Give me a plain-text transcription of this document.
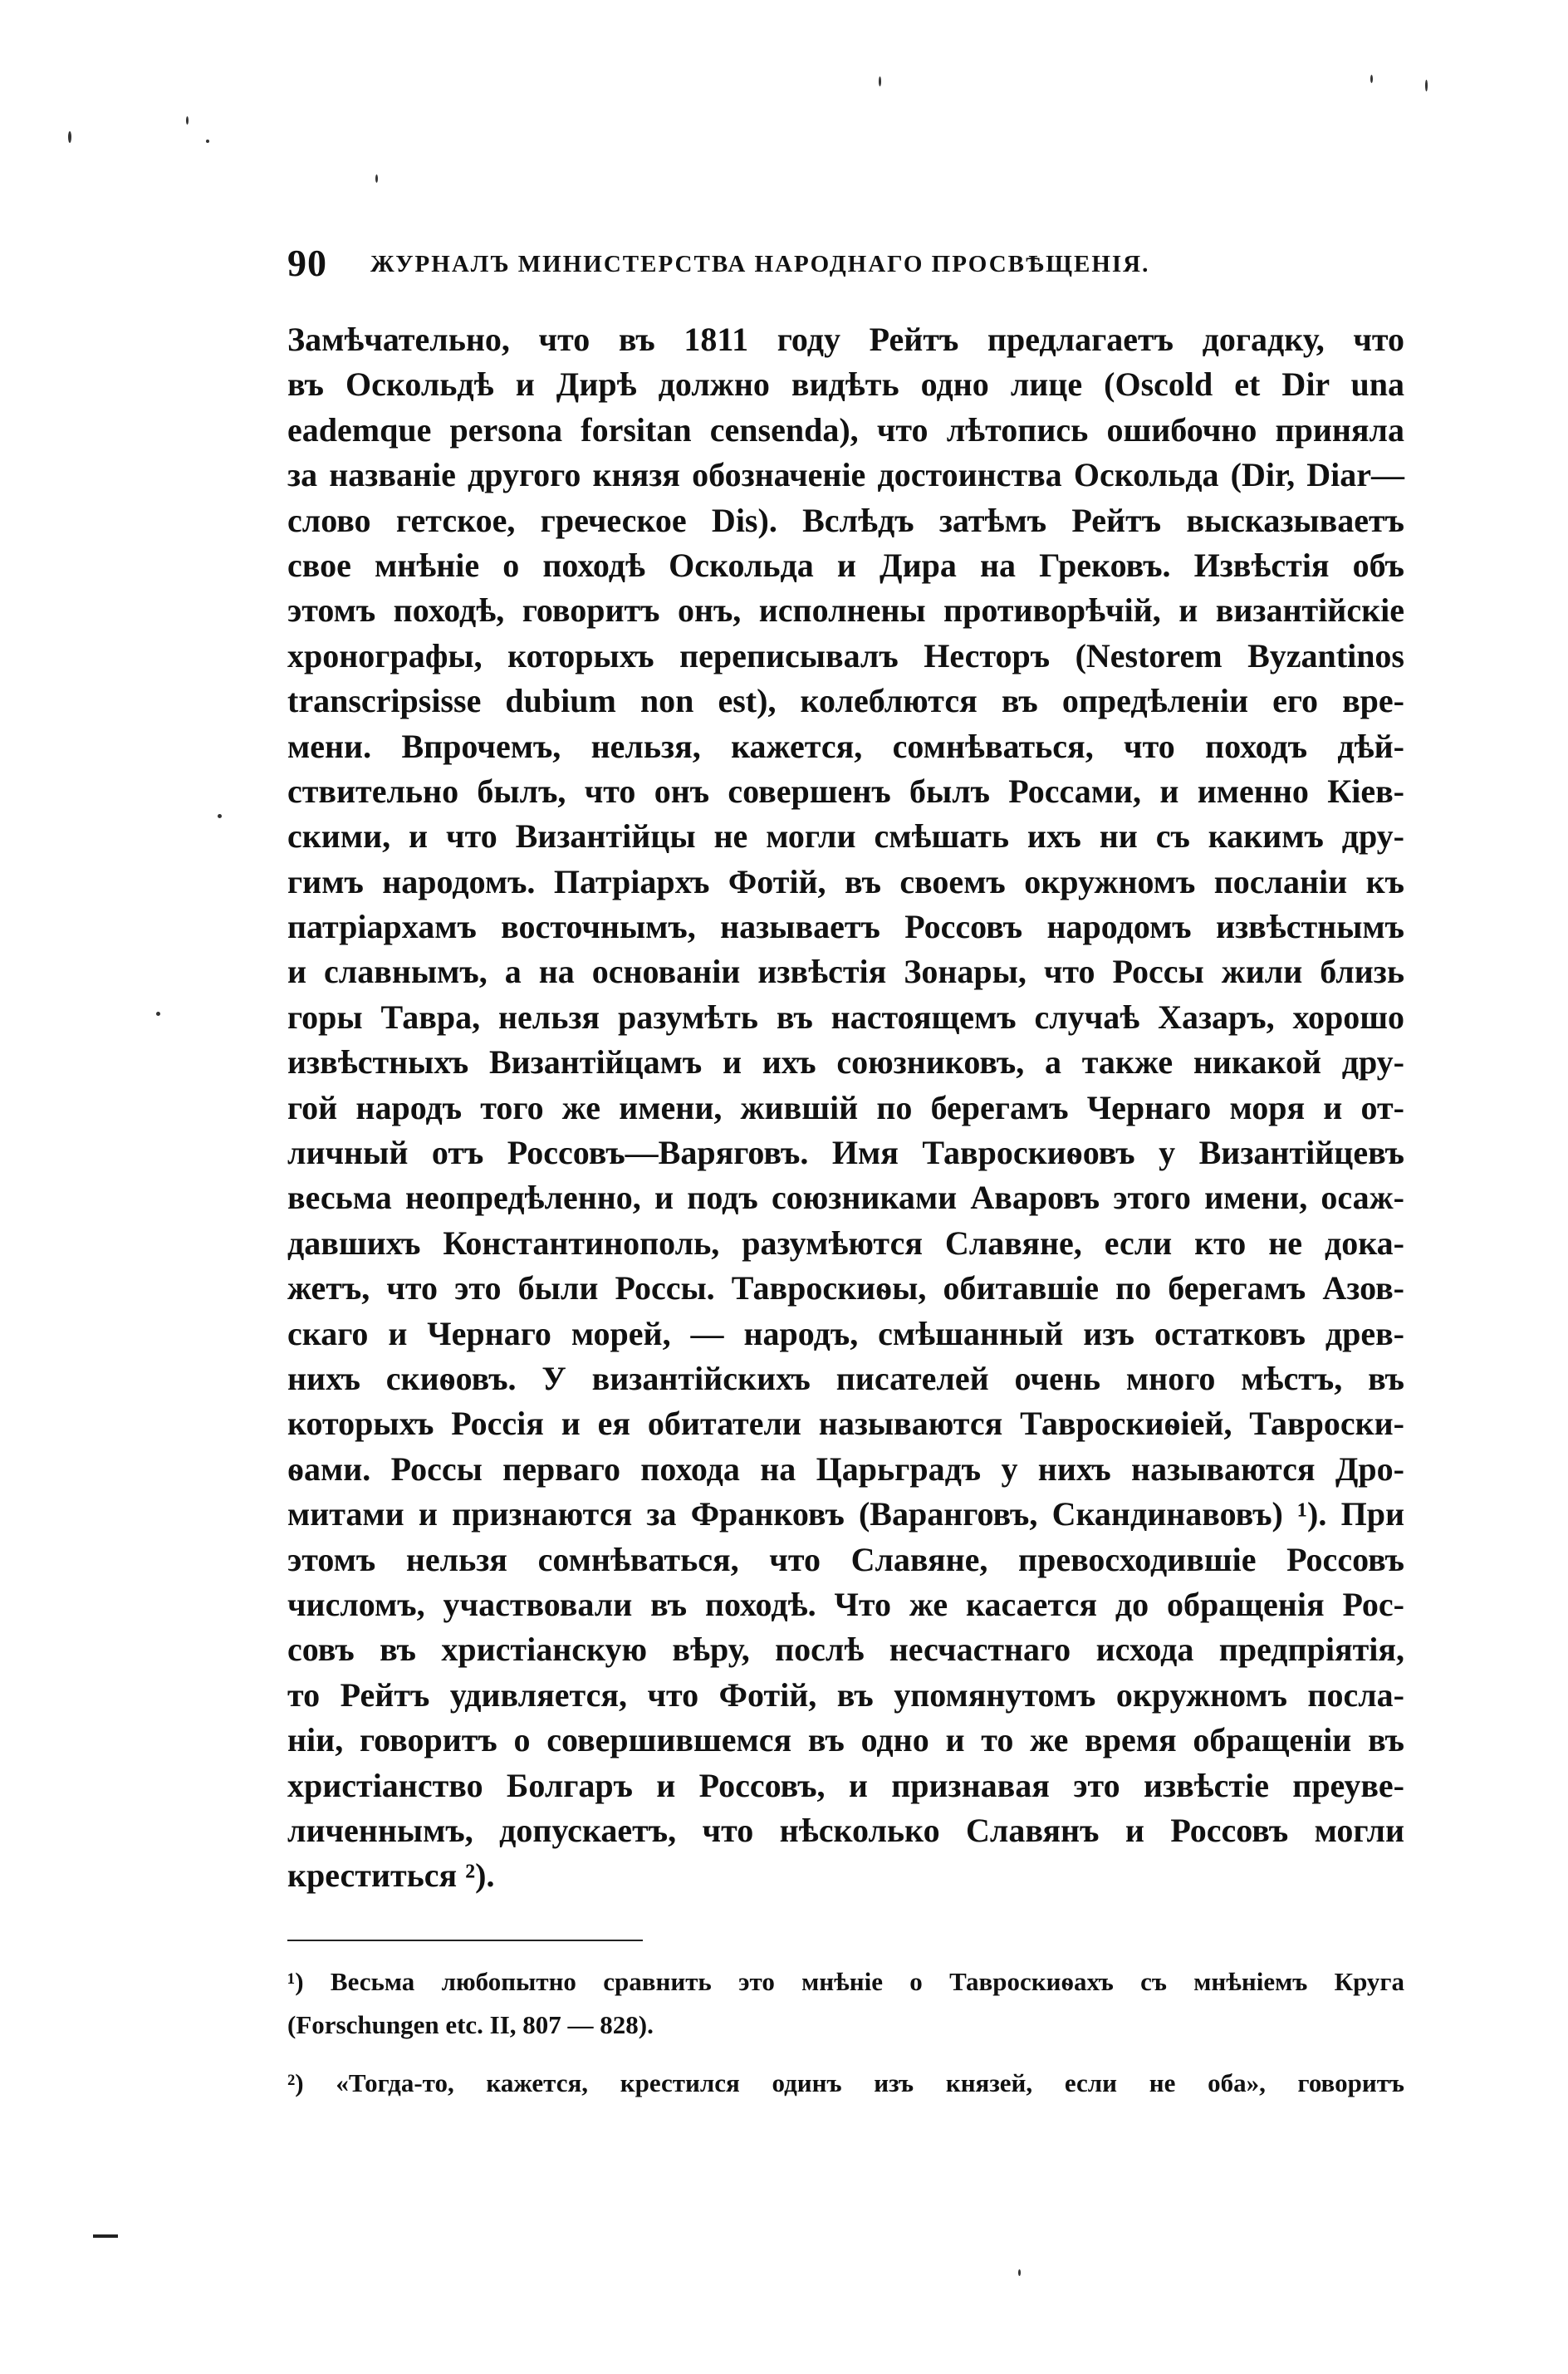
90 ЖУРНАЛЪ МИНИСТЕРСТВА НАРОДНАГО ПРОСВѢЩЕНІЯ.
Замѣчательно, что въ 1811 году Рейтъ предлагаетъ догадку, что
въ Оскольдѣ и Дирѣ должно видѣть одно лице (Oscold et Dir una
eademque persona forsitan censenda), что лѣтопись ошибочно приняла
за названіе другого князя обозначеніе достоинства Оскольда (Dir, Diar—
слово гетское, греческое Dis). Вслѣдъ затѣмъ Рейтъ высказываетъ
свое мнѣніе о походѣ Оскольда и Дира на Грековъ. Извѣстія объ
этомъ походѣ, говоритъ онъ, исполнены противорѣчій, и византійскіе
хронографы, которыхъ переписывалъ Несторъ (Nestorem Byzantinos
transcripsisse dubium non est), колеблются въ опредѣленіи его вре-
мени. Впрочемъ, нельзя, кажется, сомнѣваться, что походъ дѣй-
ствительно былъ, что онъ совершенъ былъ Россами, и именно Кіев-
скими, и что Византійцы не могли смѣшать ихъ ни съ какимъ дру-
гимъ народомъ. Патріархъ Фотій, въ своемъ окружномъ посланіи къ
патріархамъ восточнымъ, называетъ Россовъ народомъ извѣстнымъ
и славнымъ, а на основаніи извѣстія Зонары, что Россы жили близь
горы Тавра, нельзя разумѣть въ настоящемъ случаѣ Хазаръ, хорошо
извѣстныхъ Византійцамъ и ихъ союзниковъ, а также никакой дру-
гой народъ того же имени, жившій по берегамъ Чернаго моря и от-
личный отъ Россовъ—Варяговъ. Имя Тавроскиѳовъ у Византійцевъ
весьма неопредѣленно, и подъ союзниками Аваровъ этого имени, осаж-
давшихъ Константинополь, разумѣются Славяне, если кто не дока-
жетъ, что это были Россы. Тавроскиѳы, обитавшіе по берегамъ Азов-
скаго и Чернаго морей, — народъ, смѣшанный изъ остатковъ древ-
нихъ скиѳовъ. У византійскихъ писателей очень много мѣстъ, въ
которыхъ Россія и ея обитатели называются Тавроскиѳіей, Тавроски-
ѳами. Россы перваго похода на Царьградъ у нихъ называются Дро-
митами и признаются за Франковъ (Варанговъ, Скандинавовъ) ¹). При
этомъ нельзя сомнѣваться, что Славяне, превосходившіе Россовъ
числомъ, участвовали въ походѣ. Что же касается до обращенія Рос-
совъ въ христіанскую вѣру, послѣ несчастнаго исхода предпріятія,
то Рейтъ удивляется, что Фотій, въ упомянутомъ окружномъ посла-
ніи, говоритъ о совершившемся въ одно и то же время обращеніи въ
христіанство Болгаръ и Россовъ, и признавая это извѣстіе преуве-
личеннымъ, допускаетъ, что нѣсколько Славянъ и Россовъ могли
креститься ²).
¹) Весьма любопытно сравнить это мнѣніе о Тавроскиѳахъ съ мнѣніемъ Круга
(Forschungen etc. II, 807 — 828).
²) «Тогда-то, кажется, крестился одинъ изъ князей, если не оба», говоритъ
